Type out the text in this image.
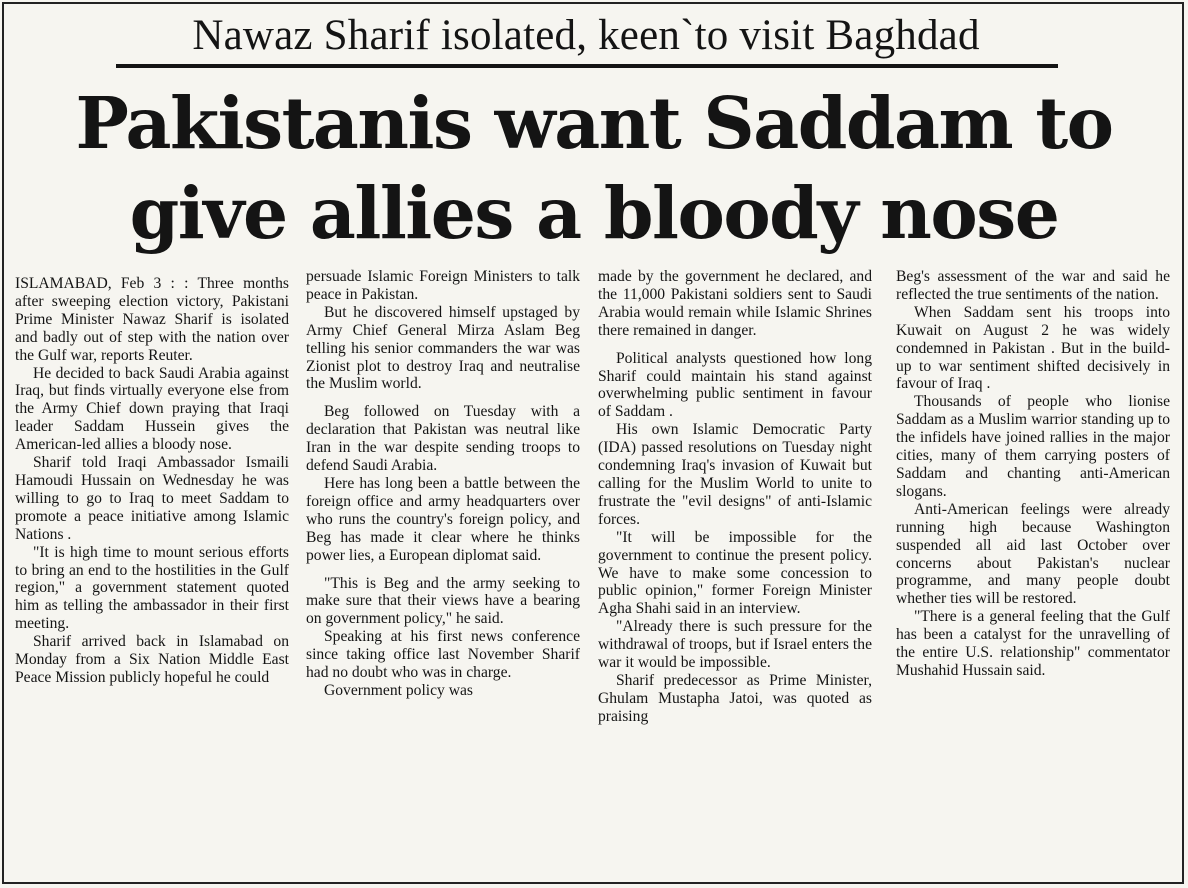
Nawaz Sharif isolated, keen`to visit Baghdad
Pakistanis want Saddam to
give allies a bloody nose

ISLAMABAD, Feb 3 : : Three months after sweeping election victory, Pakistani Prime Minister Nawaz Sharif is isolated and badly out of step with the nation over the Gulf war, reports Reuter.

He decided to back Saudi Arabia against Iraq, but finds virtually everyone else from the Army Chief down praying that Iraqi leader Saddam Hussein gives the American-led allies a bloody nose.

Sharif told Iraqi Ambassador Ismaili Hamoudi Hussain on Wednesday he was willing to go to Iraq to meet Saddam to promote a peace initiative among Islamic Nations .

"It is high time to mount serious efforts to bring an end to the hostilities in the Gulf region," a government statement quoted him as telling the ambassador in their first meeting.

Sharif arrived back in Islamabad on Monday from a Six Nation Middle East Peace Mission publicly hopeful he could

persuade Islamic Foreign Ministers to talk peace in Pakistan.

But he discovered himself upstaged by Army Chief General Mirza Aslam Beg telling his senior commanders the war was Zionist plot to destroy Iraq and neutralise the Muslim world.

Beg followed on Tuesday with a declaration that Pakistan was neutral like Iran in the war despite sending troops to defend Saudi Arabia.

Here has long been a battle between the foreign office and army headquarters over who runs the country's foreign policy, and Beg has made it clear where he thinks power lies, a European diplomat said.

"This is Beg and the army seeking to make sure that their views have a bearing on government policy," he said.

Speaking at his first news conference since taking office last November Sharif had no doubt who was in charge.

Government policy was

made by the government he declared, and the 11,000 Pakistani soldiers sent to Saudi Arabia would remain while Islamic Shrines there remained in danger.

Political analysts questioned how long Sharif could maintain his stand against overwhelming public sentiment in favour of Saddam .

His own Islamic Democratic Party (IDA) passed resolutions on Tuesday night condemning Iraq's invasion of Kuwait but calling for the Muslim World to unite to frustrate the "evil designs" of anti-Islamic forces.

"It will be impossible for the government to continue the present policy. We have to make some concession to public opinion," former Foreign Minister Agha Shahi said in an interview.

"Already there is such pressure for the withdrawal of troops, but if Israel enters the war it would be impossible.

Sharif predecessor as Prime Minister, Ghulam Mustapha Jatoi, was quoted as praising

Beg's assessment of the war and said he reflected the true sentiments of the nation.

When Saddam sent his troops into Kuwait on August 2 he was widely condemned in Pakistan . But in the build-up to war sentiment shifted decisively in favour of Iraq .

Thousands of people who lionise Saddam as a Muslim warrior standing up to the infidels have joined rallies in the major cities, many of them carrying posters of Saddam and chanting anti-American slogans.

Anti-American feelings were already running high because Washington suspended all aid last October over concerns about Pakistan's nuclear programme, and many people doubt whether ties will be restored.

"There is a general feeling that the Gulf has been a catalyst for the unravelling of the entire U.S. relationship" commentator Mushahid Hussain said.
